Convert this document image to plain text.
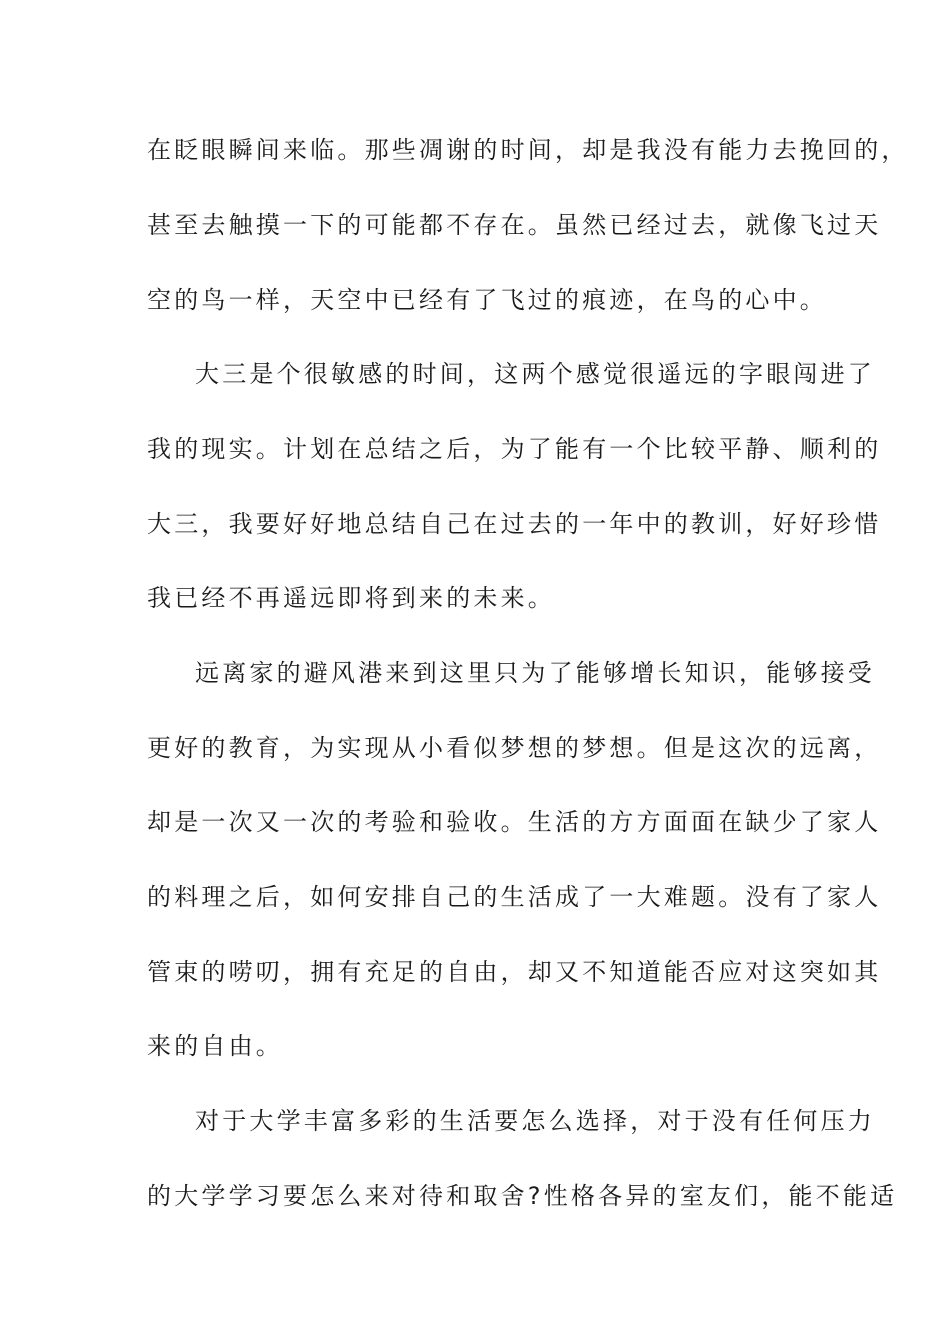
在眨眼瞬间来临。那些凋谢的时间，却是我没有能力去挽回的，
甚至去触摸一下的可能都不存在。虽然已经过去，就像飞过天
空的鸟一样，天空中已经有了飞过的痕迹，在鸟的心中。
大三是个很敏感的时间，这两个感觉很遥远的字眼闯进了
我的现实。计划在总结之后，为了能有一个比较平静、顺利的
大三，我要好好地总结自己在过去的一年中的教训，好好珍惜
我已经不再遥远即将到来的未来。
远离家的避风港来到这里只为了能够增长知识，能够接受
更好的教育，为实现从小看似梦想的梦想。但是这次的远离，
却是一次又一次的考验和验收。生活的方方面面在缺少了家人
的料理之后，如何安排自己的生活成了一大难题。没有了家人
管束的唠叨，拥有充足的自由，却又不知道能否应对这突如其
来的自由。
对于大学丰富多彩的生活要怎么选择，对于没有任何压力
的大学学习要怎么来对待和取舍?性格各异的室友们，能不能适
